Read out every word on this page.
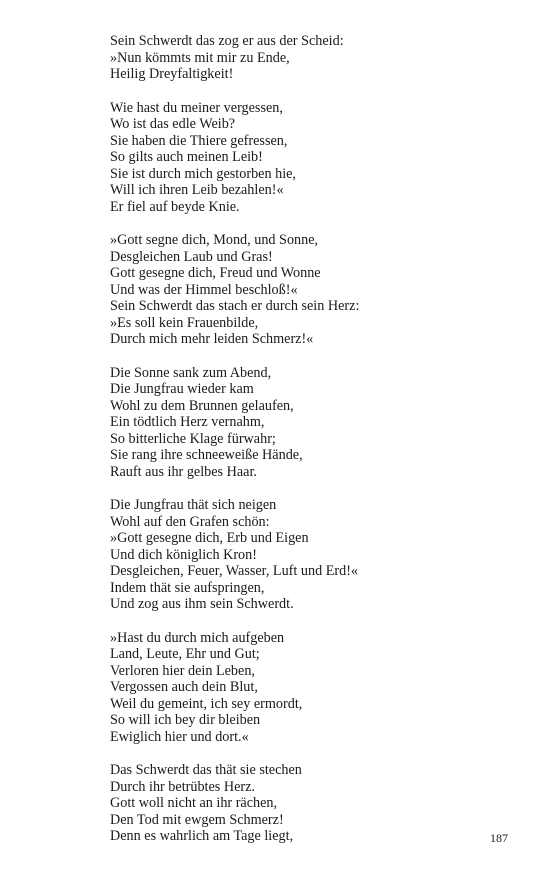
Sein Schwerdt das zog er aus der Scheid:
»Nun kömmts mit mir zu Ende,
Heilig Dreyfaltigkeit!
Wie hast du meiner vergessen,
Wo ist das edle Weib?
Sie haben die Thiere gefressen,
So gilts auch meinen Leib!
Sie ist durch mich gestorben hie,
Will ich ihren Leib bezahlen!«
Er fiel auf beyde Knie.
»Gott segne dich, Mond, und Sonne,
Desgleichen Laub und Gras!
Gott gesegne dich, Freud und Wonne
Und was der Himmel beschloß!«
Sein Schwerdt das stach er durch sein Herz:
»Es soll kein Frauenbilde,
Durch mich mehr leiden Schmerz!«
Die Sonne sank zum Abend,
Die Jungfrau wieder kam
Wohl zu dem Brunnen gelaufen,
Ein tödtlich Herz vernahm,
So bitterliche Klage fürwahr;
Sie rang ihre schneeweiße Hände,
Rauft aus ihr gelbes Haar.
Die Jungfrau thät sich neigen
Wohl auf den Grafen schön:
»Gott gesegne dich, Erb und Eigen
Und dich königlich Kron!
Desgleichen, Feuer, Wasser, Luft und Erd!«
Indem thät sie aufspringen,
Und zog aus ihm sein Schwerdt.
»Hast du durch mich aufgeben
Land, Leute, Ehr und Gut;
Verloren hier dein Leben,
Vergossen auch dein Blut,
Weil du gemeint, ich sey ermordt,
So will ich bey dir bleiben
Ewiglich hier und dort.«
Das Schwerdt das thät sie stechen
Durch ihr betrübtes Herz.
Gott woll nicht an ihr rächen,
Den Tod mit ewgem Schmerz!
Denn es wahrlich am Tage liegt,	187
